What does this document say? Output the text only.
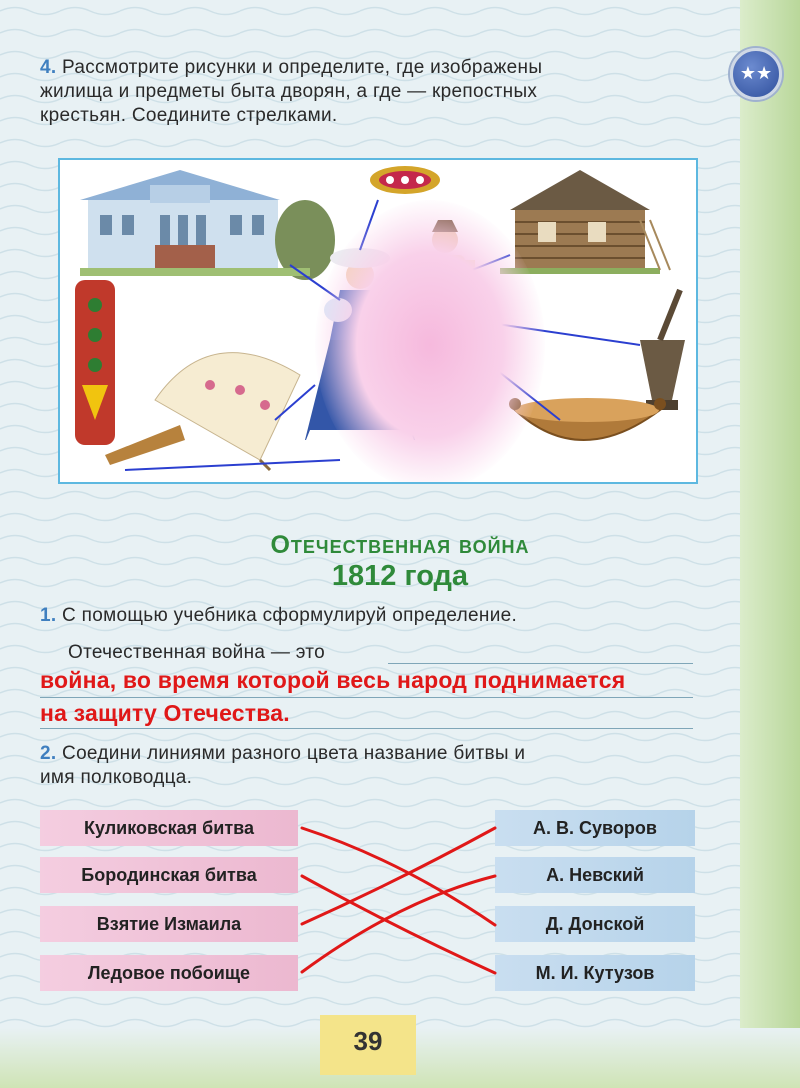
4. Рассмотрите рисунки и определите, где изображены
жилища и предметы быта дворян, а где — крепостных
крестьян. Соедините стрелками.
★★
Отечественная война
1812 года
1. С помощью учебника сформулируй определение.
Отечественная война — это
война, во время которой весь народ поднимается
на защиту Отечества.
2. Соедини линиями разного цвета название битвы и
имя полководца.
Куликовская битва
Бородинская битва
Взятие Измаила
Ледовое побоище
А. В. Суворов
А. Невский
Д. Донской
М. И. Кутузов
39
